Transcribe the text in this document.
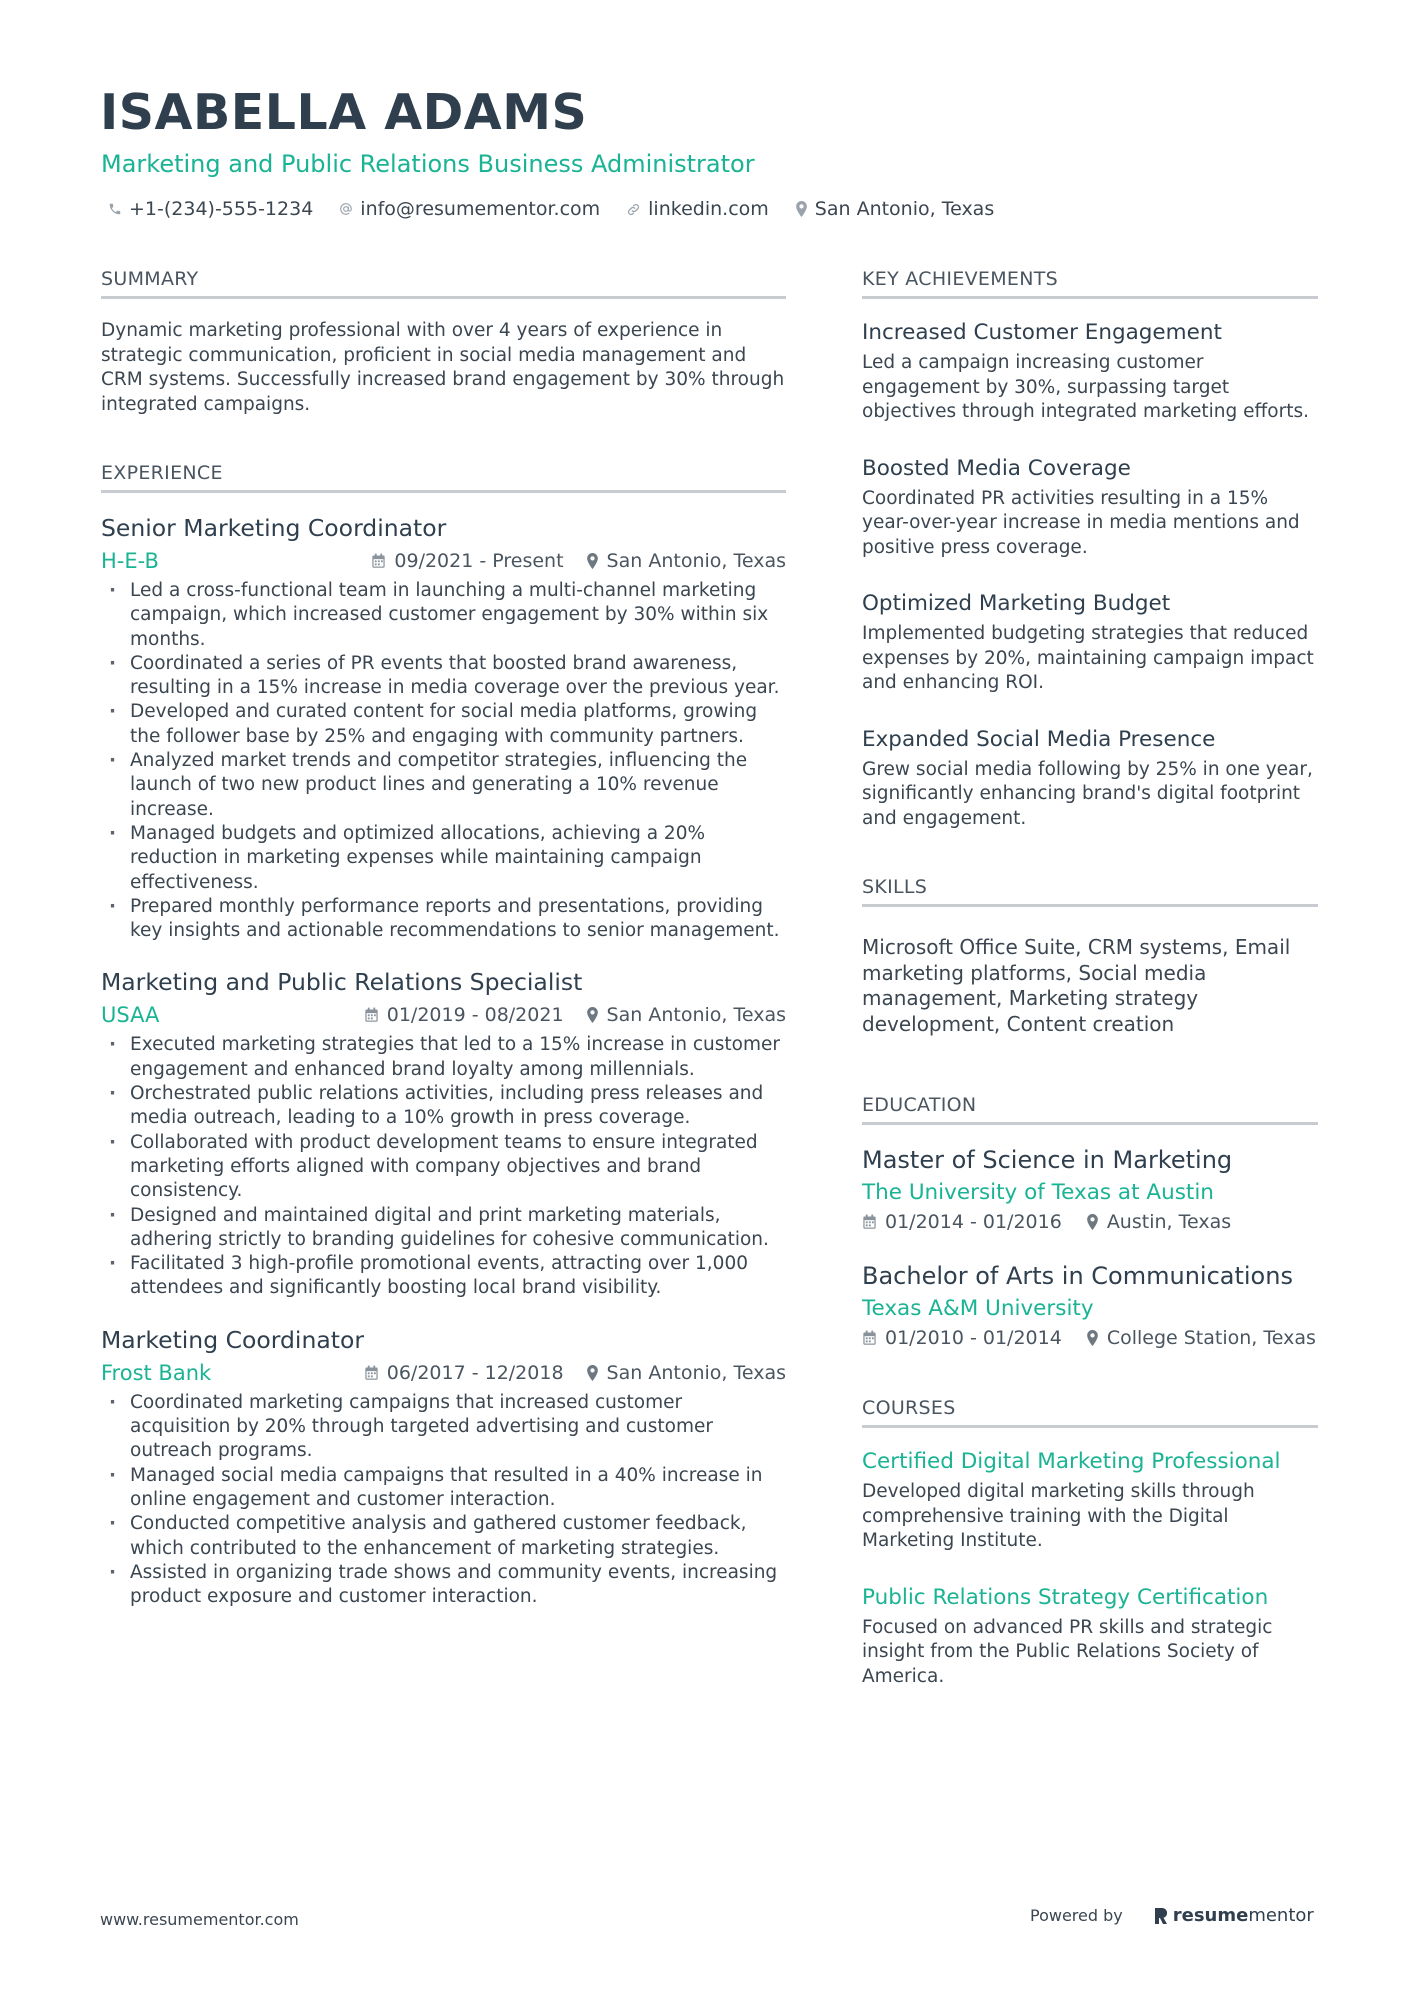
ISABELLA ADAMS
Marketing and Public Relations Business Administrator
+1-(234)-555-1234 info@resumementor.com	linkedin.com San Antonio, Texas
SUMMARY
Dynamic marketing professional with over 4 years of experience in strategic communication, proficient in social media management and CRM systems. Successfully increased brand engagement by 30% through integrated campaigns.
EXPERIENCE
Senior Marketing Coordinator
H-E-B	09/2021 - Present San Antonio, Texas
· Led a cross-functional team in launching a multi-channel marketing campaign, which increased customer engagement by 30% within six months.
· Coordinated a series of PR events that boosted brand awareness, resulting in a 15% increase in media coverage over the previous year.
· Developed and curated content for social media platforms, growing the follower base by 25% and engaging with community partners.
· Analyzed market trends and competitor strategies, influencing the launch of two new product lines and generating a 10% revenue increase.
· Managed budgets and optimized allocations, achieving a 20% reduction in marketing expenses while maintaining campaign effectiveness.
· Prepared monthly performance reports and presentations, providing key insights and actionable recommendations to senior management.
Marketing and Public Relations Specialist
USAA	01/2019 - 08/2021 San Antonio, Texas
· Executed marketing strategies that led to a 15% increase in customer engagement and enhanced brand loyalty among millennials.
· Orchestrated public relations activities, including press releases and media outreach, leading to a 10% growth in press coverage.
· Collaborated with product development teams to ensure integrated marketing efforts aligned with company objectives and brand consistency.
· Designed and maintained digital and print marketing materials, adhering strictly to branding guidelines for cohesive communication.
· Facilitated 3 high-profile promotional events, attracting over 1,000 attendees and significantly boosting local brand visibility.
Marketing Coordinator
Frost Bank	06/2017 - 12/2018 San Antonio, Texas
· Coordinated marketing campaigns that increased customer acquisition by 20% through targeted advertising and customer outreach programs.
· Managed social media campaigns that resulted in a 40% increase in online engagement and customer interaction.
· Conducted competitive analysis and gathered customer feedback, which contributed to the enhancement of marketing strategies.
· Assisted in organizing trade shows and community events, increasing product exposure and customer interaction.
KEY ACHIEVEMENTS
Increased Customer Engagement
Led a campaign increasing customer engagement by 30%, surpassing target objectives through integrated marketing efforts.
Boosted Media Coverage
Coordinated PR activities resulting in a 15% year-over-year increase in media mentions and positive press coverage.
Optimized Marketing Budget
Implemented budgeting strategies that reduced expenses by 20%, maintaining campaign impact and enhancing ROI.
Expanded Social Media Presence
Grew social media following by 25% in one year, significantly enhancing brand's digital footprint and engagement.
SKILLS
Microsoft Office Suite, CRM systems, Email marketing platforms, Social media management, Marketing strategy development, Content creation
EDUCATION
Master of Science in Marketing
The University of Texas at Austin
01/2014 - 01/2016 Austin, Texas
Bachelor of Arts in Communications
Texas A&M University
01/2010 - 01/2014 College Station, Texas
COURSES
Certified Digital Marketing Professional
Developed digital marketing skills through comprehensive training with the Digital Marketing Institute.
Public Relations Strategy Certification
Focused on advanced PR skills and strategic insight from the Public Relations Society of America.
www.resumementor.com	Powered by	resume mentor
